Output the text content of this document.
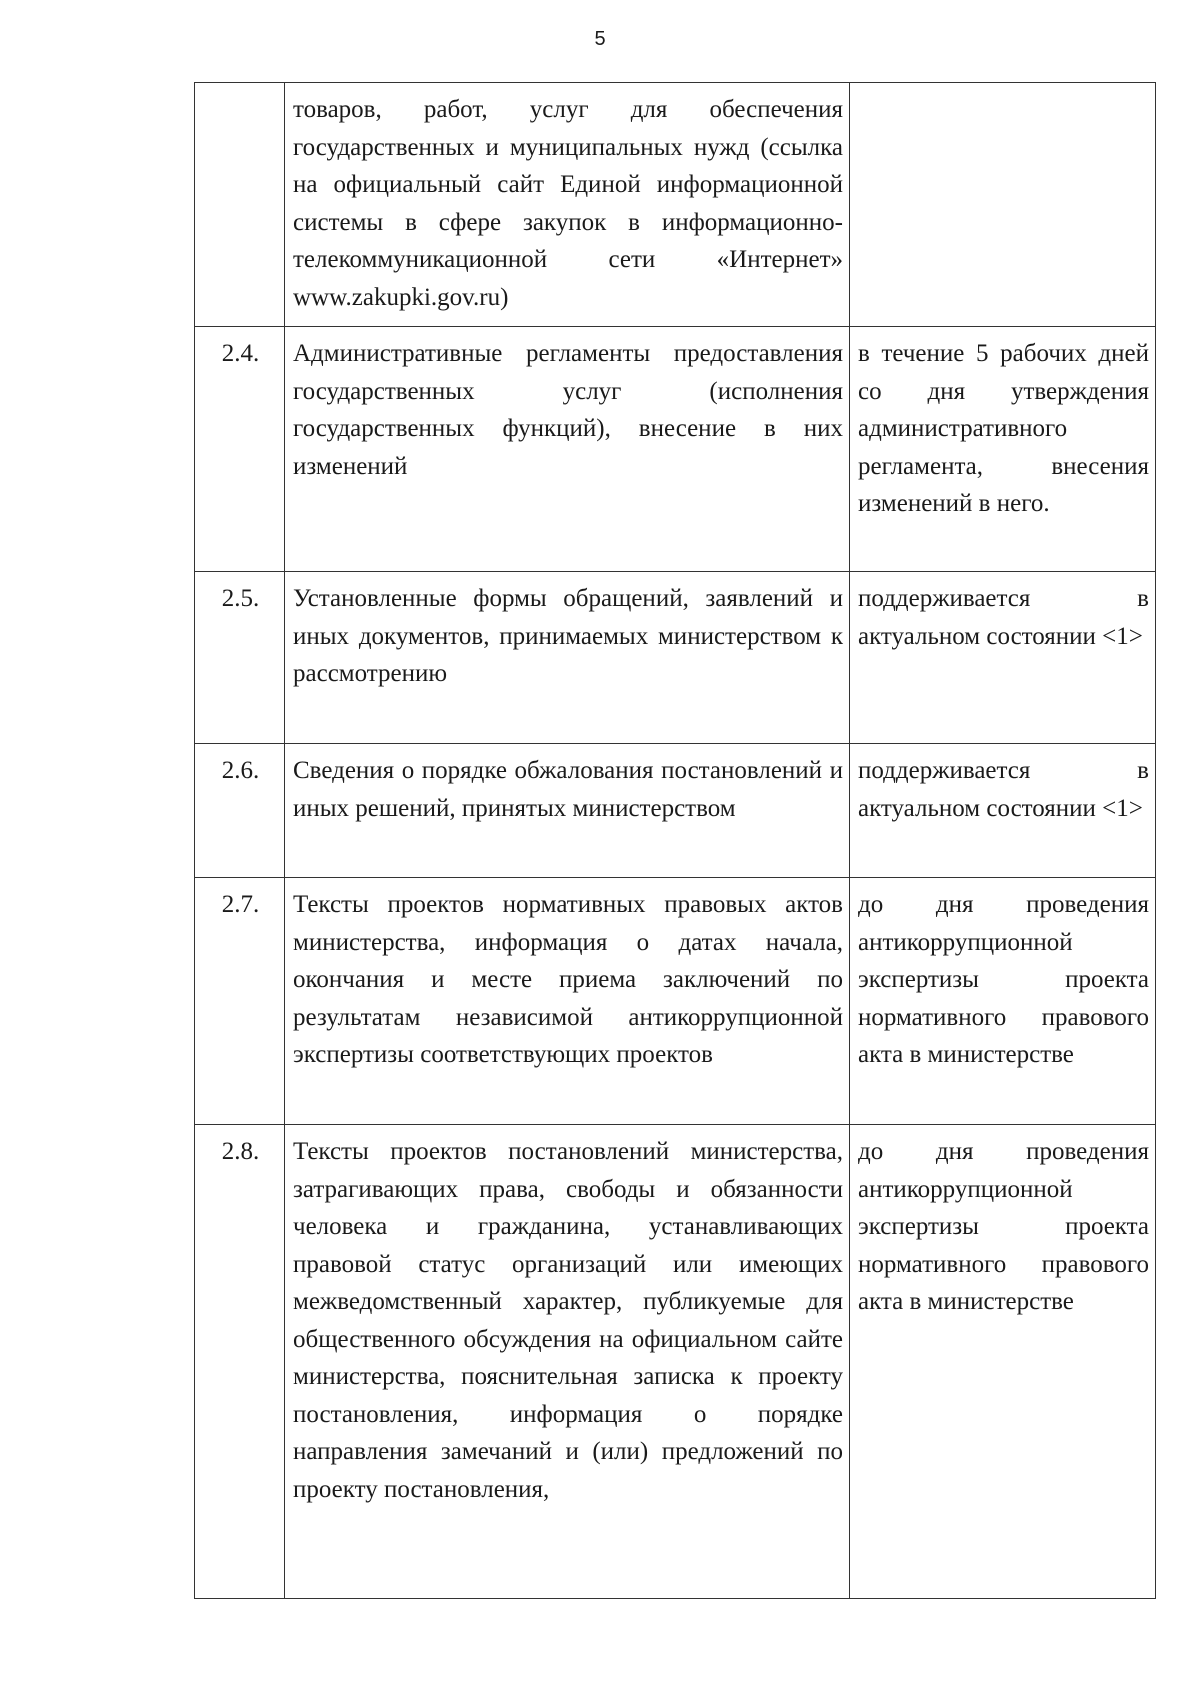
5
	товаров, работ, услуг для обеспечения государственных и муниципальных нужд (ссылка на официальный сайт Единой информационной системы в сфере закупок в информационно-телекоммуникационной сети «Интернет» www.zakupki.gov.ru)	
2.4.	Административные регламенты предоставления государственных услуг (исполнения государственных функций), внесение в них изменений	в течение 5 рабочих дней со дня утверждения административного регламента, внесения изменений в него.
2.5.	Установленные формы обращений, заявлений и иных документов, принимаемых министерством к рассмотрению	поддерживается в актуальном состоянии <1>
2.6.	Сведения о порядке обжалования постановлений и иных решений, принятых министерством	поддерживается в актуальном состоянии <1>
2.7.	Тексты проектов нормативных правовых актов министерства, информация о датах начала, окончания и месте приема заключений по результатам независимой антикоррупционной экспертизы соответствующих проектов	до дня проведения антикоррупционной экспертизы проекта нормативного правового акта в министерстве
2.8.	Тексты проектов постановлений министерства, затрагивающих права, свободы и обязанности человека и гражданина, устанавливающих правовой статус организаций или имеющих межведомственный характер, публикуемые для общественного обсуждения на официальном сайте министерства, пояснительная записка к проекту постановления, информация о порядке направления замечаний и (или) предложений по проекту постановления,	до дня проведения антикоррупционной экспертизы проекта нормативного правового акта в министерстве
